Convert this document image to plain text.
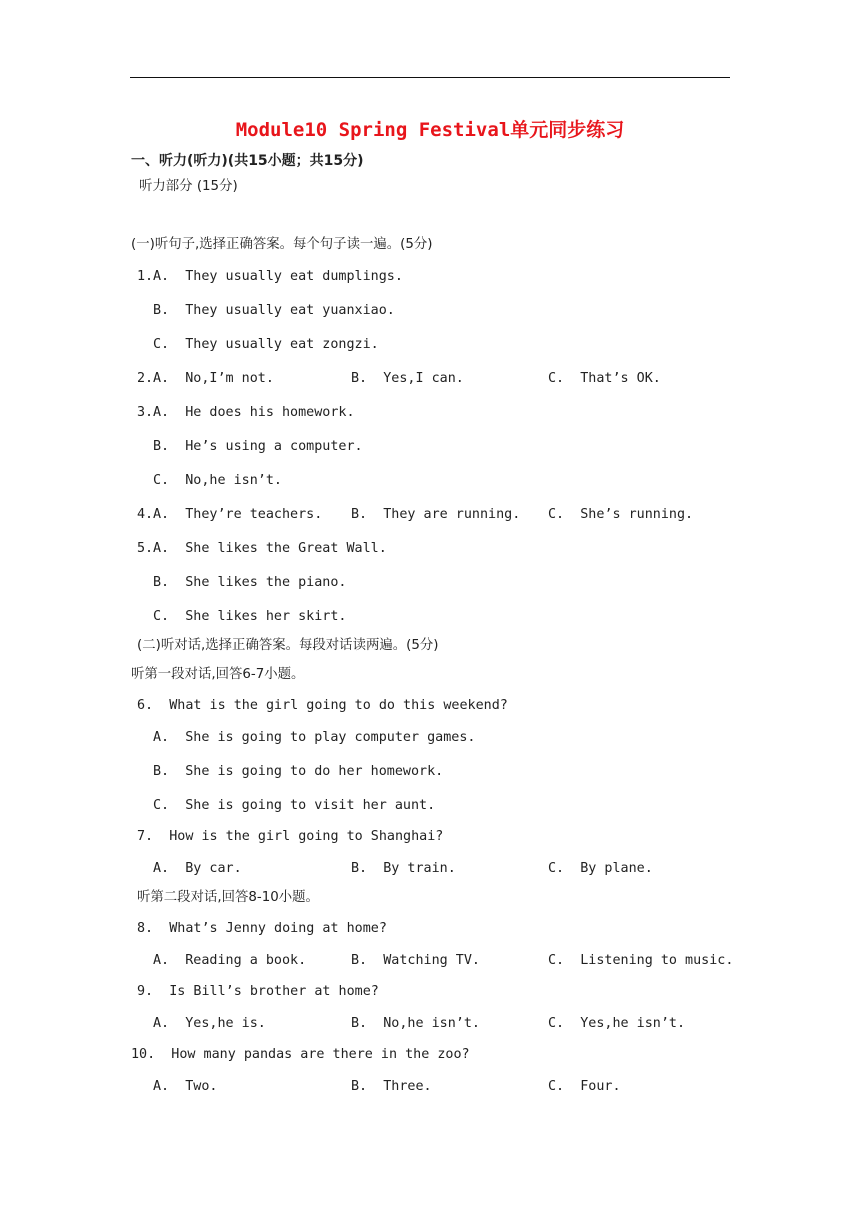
Module10 Spring Festival单元同步练习
一、听力(听力)(共15小题；共15分)
听力部分 (15分)
(一)听句子,选择正确答案。每个句子读一遍。(5分)
1. A.  They usually eat dumplings.
B.  They usually eat yuanxiao.
C.  They usually eat zongzi.
2. A.  No,I’m not.	B.  Yes,I can.	C.  That’s OK.
3. A.  He does his homework.
B.  He’s using a computer.
C.  No,he isn’t.
4. A.  They’re teachers. B.  They are running. C.  She’s running.
5. A.  She likes the Great Wall.
B.  She likes the piano.
C.  She likes her skirt.
(二)听对话,选择正确答案。每段对话读两遍。(5分)
听第一段对话,回答6-7小题。
6.  What is the girl going to do this weekend?
A.  She is going to play computer games.
B.  She is going to do her homework.
C.  She is going to visit her aunt.
7.  How is the girl going to Shanghai?
A.  By car.	B.  By train.	C.  By plane.
听第二段对话,回答8-10小题。
8.  What’s Jenny doing at home?
A.  Reading a book.	B.  Watching TV.	C.  Listening to music.
9.  Is Bill’s brother at home?
A.  Yes,he is.	B.  No,he isn’t.	C.  Yes,he isn’t.
10.  How many pandas are there in the zoo?
A.  Two.	B.  Three.	C.  Four.
